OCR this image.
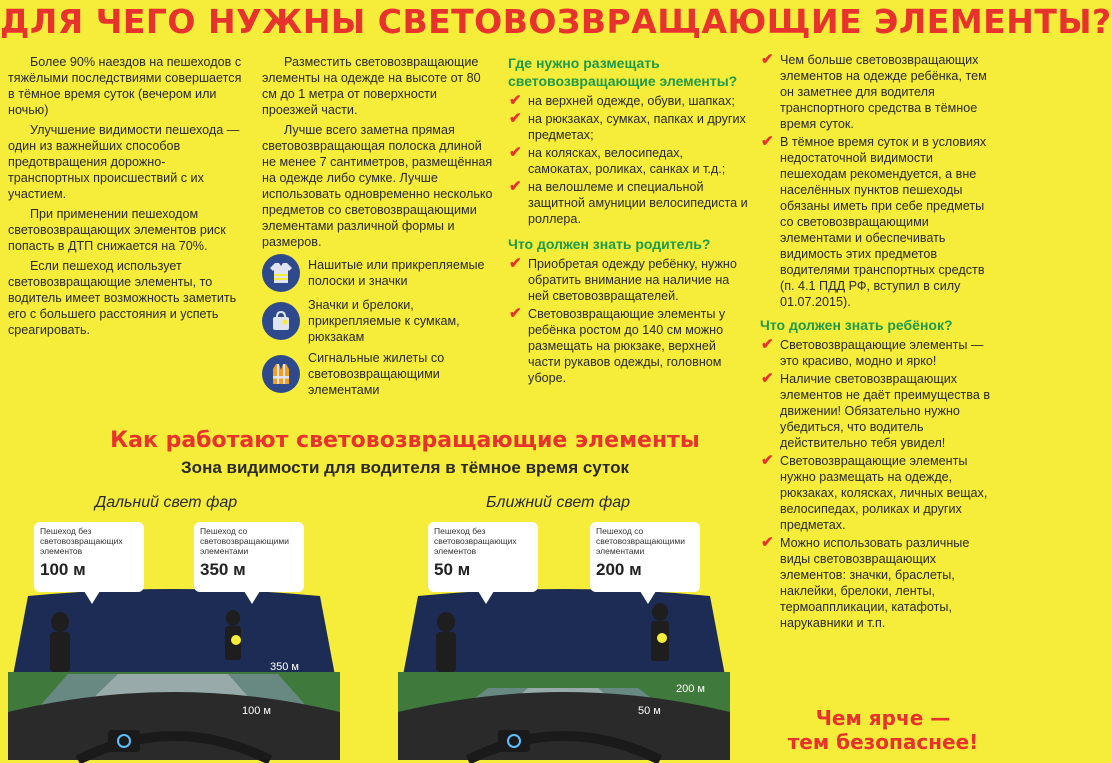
ДЛЯ ЧЕГО НУЖНЫ СВЕТОВОЗВРАЩАЮЩИЕ ЭЛЕМЕНТЫ?

Более 90% наездов на пешеходов с тяжёлыми последствиями совершается в тёмное время суток (вечером или ночью)

Улучшение видимости пешехода — один из важнейших способов предотвращения дорожно-транспортных происшествий с их участием.

При применении пешеходом световозвращающих элементов риск попасть в ДТП снижается на 70%.

Если пешеход использует световозвращающие элементы, то водитель имеет возможность заметить его с большего расстояния и успеть среагировать.

Разместить световозвращающие элементы на одежде на высоте от 80 см до 1 метра от поверхности проезжей части.

Лучше всего заметна прямая световозвращающая полоска длиной не менее 7 сантиметров, размещённая на одежде либо сумке. Лучше использовать одновременно несколько предметов со световозвращающими элементами различной формы и размеров.

Нашитые или прикрепляемые полоски и значки
Значки и брелоки, прикрепляемые к сумкам, рюкзакам
Сигнальные жилеты со световозвращающими элементами
Где нужно размещать световозвращающие элементы?
✔ на верхней одежде, обуви, шапках;
✔ на рюкзаках, сумках, папках и других предметах;
✔ на колясках, велосипедах, самокатах, роликах, санках и т.д.;
✔ на велошлеме и специальной защитной амуниции велосипедиста и роллера.
Что должен знать родитель?
✔ Приобретая одежду ребёнку, нужно обратить внимание на наличие на ней световозвращателей.
✔ Световозвращающие элементы у ребёнка ростом до 140 см можно размещать на рюкзаке, верхней части рукавов одежды, головном уборе.
✔ Чем больше световозвращающих элементов на одежде ребёнка, тем он заметнее для водителя транспортного средства в тёмное время суток.
✔ В тёмное время суток и в условиях недостаточной видимости пешеходам рекомендуется, а вне населённых пунктов пешеходы обязаны иметь при себе предметы со световозвращающими элементами и обеспечивать видимость этих предметов водителями транспортных средств (п. 4.1 ПДД РФ, вступил в силу 01.07.2015).
Что должен знать ребёнок?
✔ Световозвращающие элементы — это красиво, модно и ярко!
✔ Наличие световозвращающих элементов не даёт преимущества в движении! Обязательно нужно убедиться, что водитель действительно тебя увидел!
✔ Световозвращающие элементы нужно размещать на одежде, рюкзаках, колясках, личных вещах, велосипедах, роликах и других предметах.
✔ Можно использовать различные виды световозвращающих элементов: значки, браслеты, наклейки, брелоки, ленты, термоаппликации, катафоты, нарукавники и т.п.
Чем ярче —
тем безопаснее!
Как работают световозвращающие элементы
Зона видимости для водителя в тёмное время суток
Дальний свет фар	Ближний свет фар
350 м
100 м
Пешеход без световозвращающих элементов
100 м
Пешеход со световозвращающими элементами
350 м
200 м
50 м
Пешеход без световозвращающих элементов
50 м
Пешеход со световозвращающими элементами
200 м
